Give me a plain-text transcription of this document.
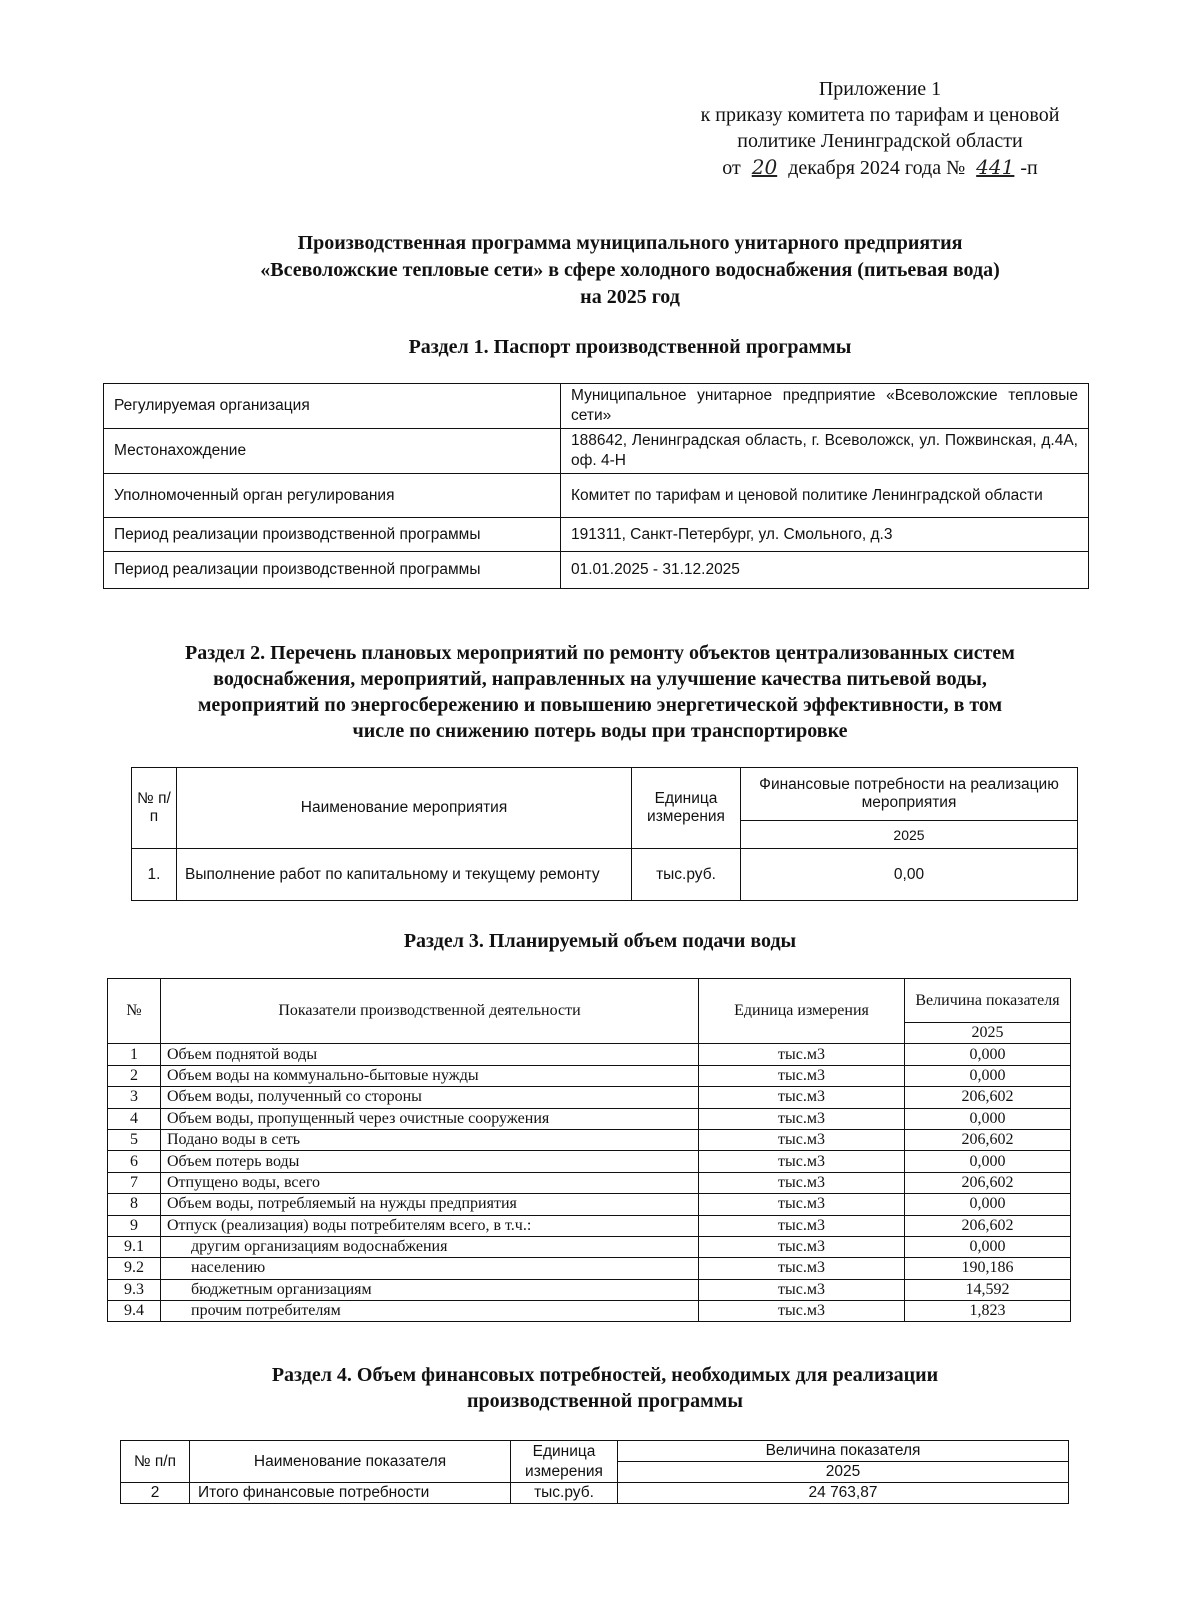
Приложение 1
к приказу комитета по тарифам и ценовой
политике Ленинградской области
от 20 декабря 2024 года № 441 -п
Производственная программа муниципального унитарного предприятия
«Всеволожские тепловые сети» в сфере холодного водоснабжения (питьевая вода)
на 2025 год
Раздел 1. Паспорт производственной программы
Регулируемая организация	Муниципальное унитарное предприятие «Всеволожские тепловые сети»
Местонахождение	188642, Ленинградская область, г. Всеволожск, ул. Пожвинская, д.4А, оф. 4-Н
Уполномоченный орган регулирования	Комитет по тарифам и ценовой политике Ленинградской области
Период реализации производственной программы	191311, Санкт-Петербург, ул. Смольного, д.3
Период реализации производственной программы	01.01.2025 - 31.12.2025
Раздел 2. Перечень плановых мероприятий по ремонту объектов централизованных систем
водоснабжения, мероприятий, направленных на улучшение качества питьевой воды,
мероприятий по энергосбережению и повышению энергетической эффективности, в том
числе по снижению потерь воды при транспортировке
№ п/п	Наименование мероприятия	Единица измерения	Финансовые потребности на реализацию мероприятия
			2025
1.	Выполнение работ по капитальному и текущему ремонту	тыс.руб.	0,00
Раздел 3. Планируемый объем подачи воды
№	Показатели производственной деятельности	Единица измерения	Величина показателя
			2025
1	Объем поднятой воды	тыс.м3	0,000
2	Объем воды на коммунально-бытовые нужды	тыс.м3	0,000
3	Объем воды, полученный со стороны	тыс.м3	206,602
4	Объем воды, пропущенный через очистные сооружения	тыс.м3	0,000
5	Подано воды в сеть	тыс.м3	206,602
6	Объем потерь воды	тыс.м3	0,000
7	Отпущено воды, всего	тыс.м3	206,602
8	Объем воды, потребляемый на нужды предприятия	тыс.м3	0,000
9	Отпуск (реализация) воды потребителям всего, в т.ч.:	тыс.м3	206,602
9.1	другим организациям водоснабжения	тыс.м3	0,000
9.2	населению	тыс.м3	190,186
9.3	бюджетным организациям	тыс.м3	14,592
9.4	прочим потребителям	тыс.м3	1,823
Раздел 4. Объем финансовых потребностей, необходимых для реализации
производственной программы
№ п/п	Наименование показателя	Единица измерения	Величина показателя
			2025
2	Итого финансовые потребности	тыс.руб.	24 763,87
